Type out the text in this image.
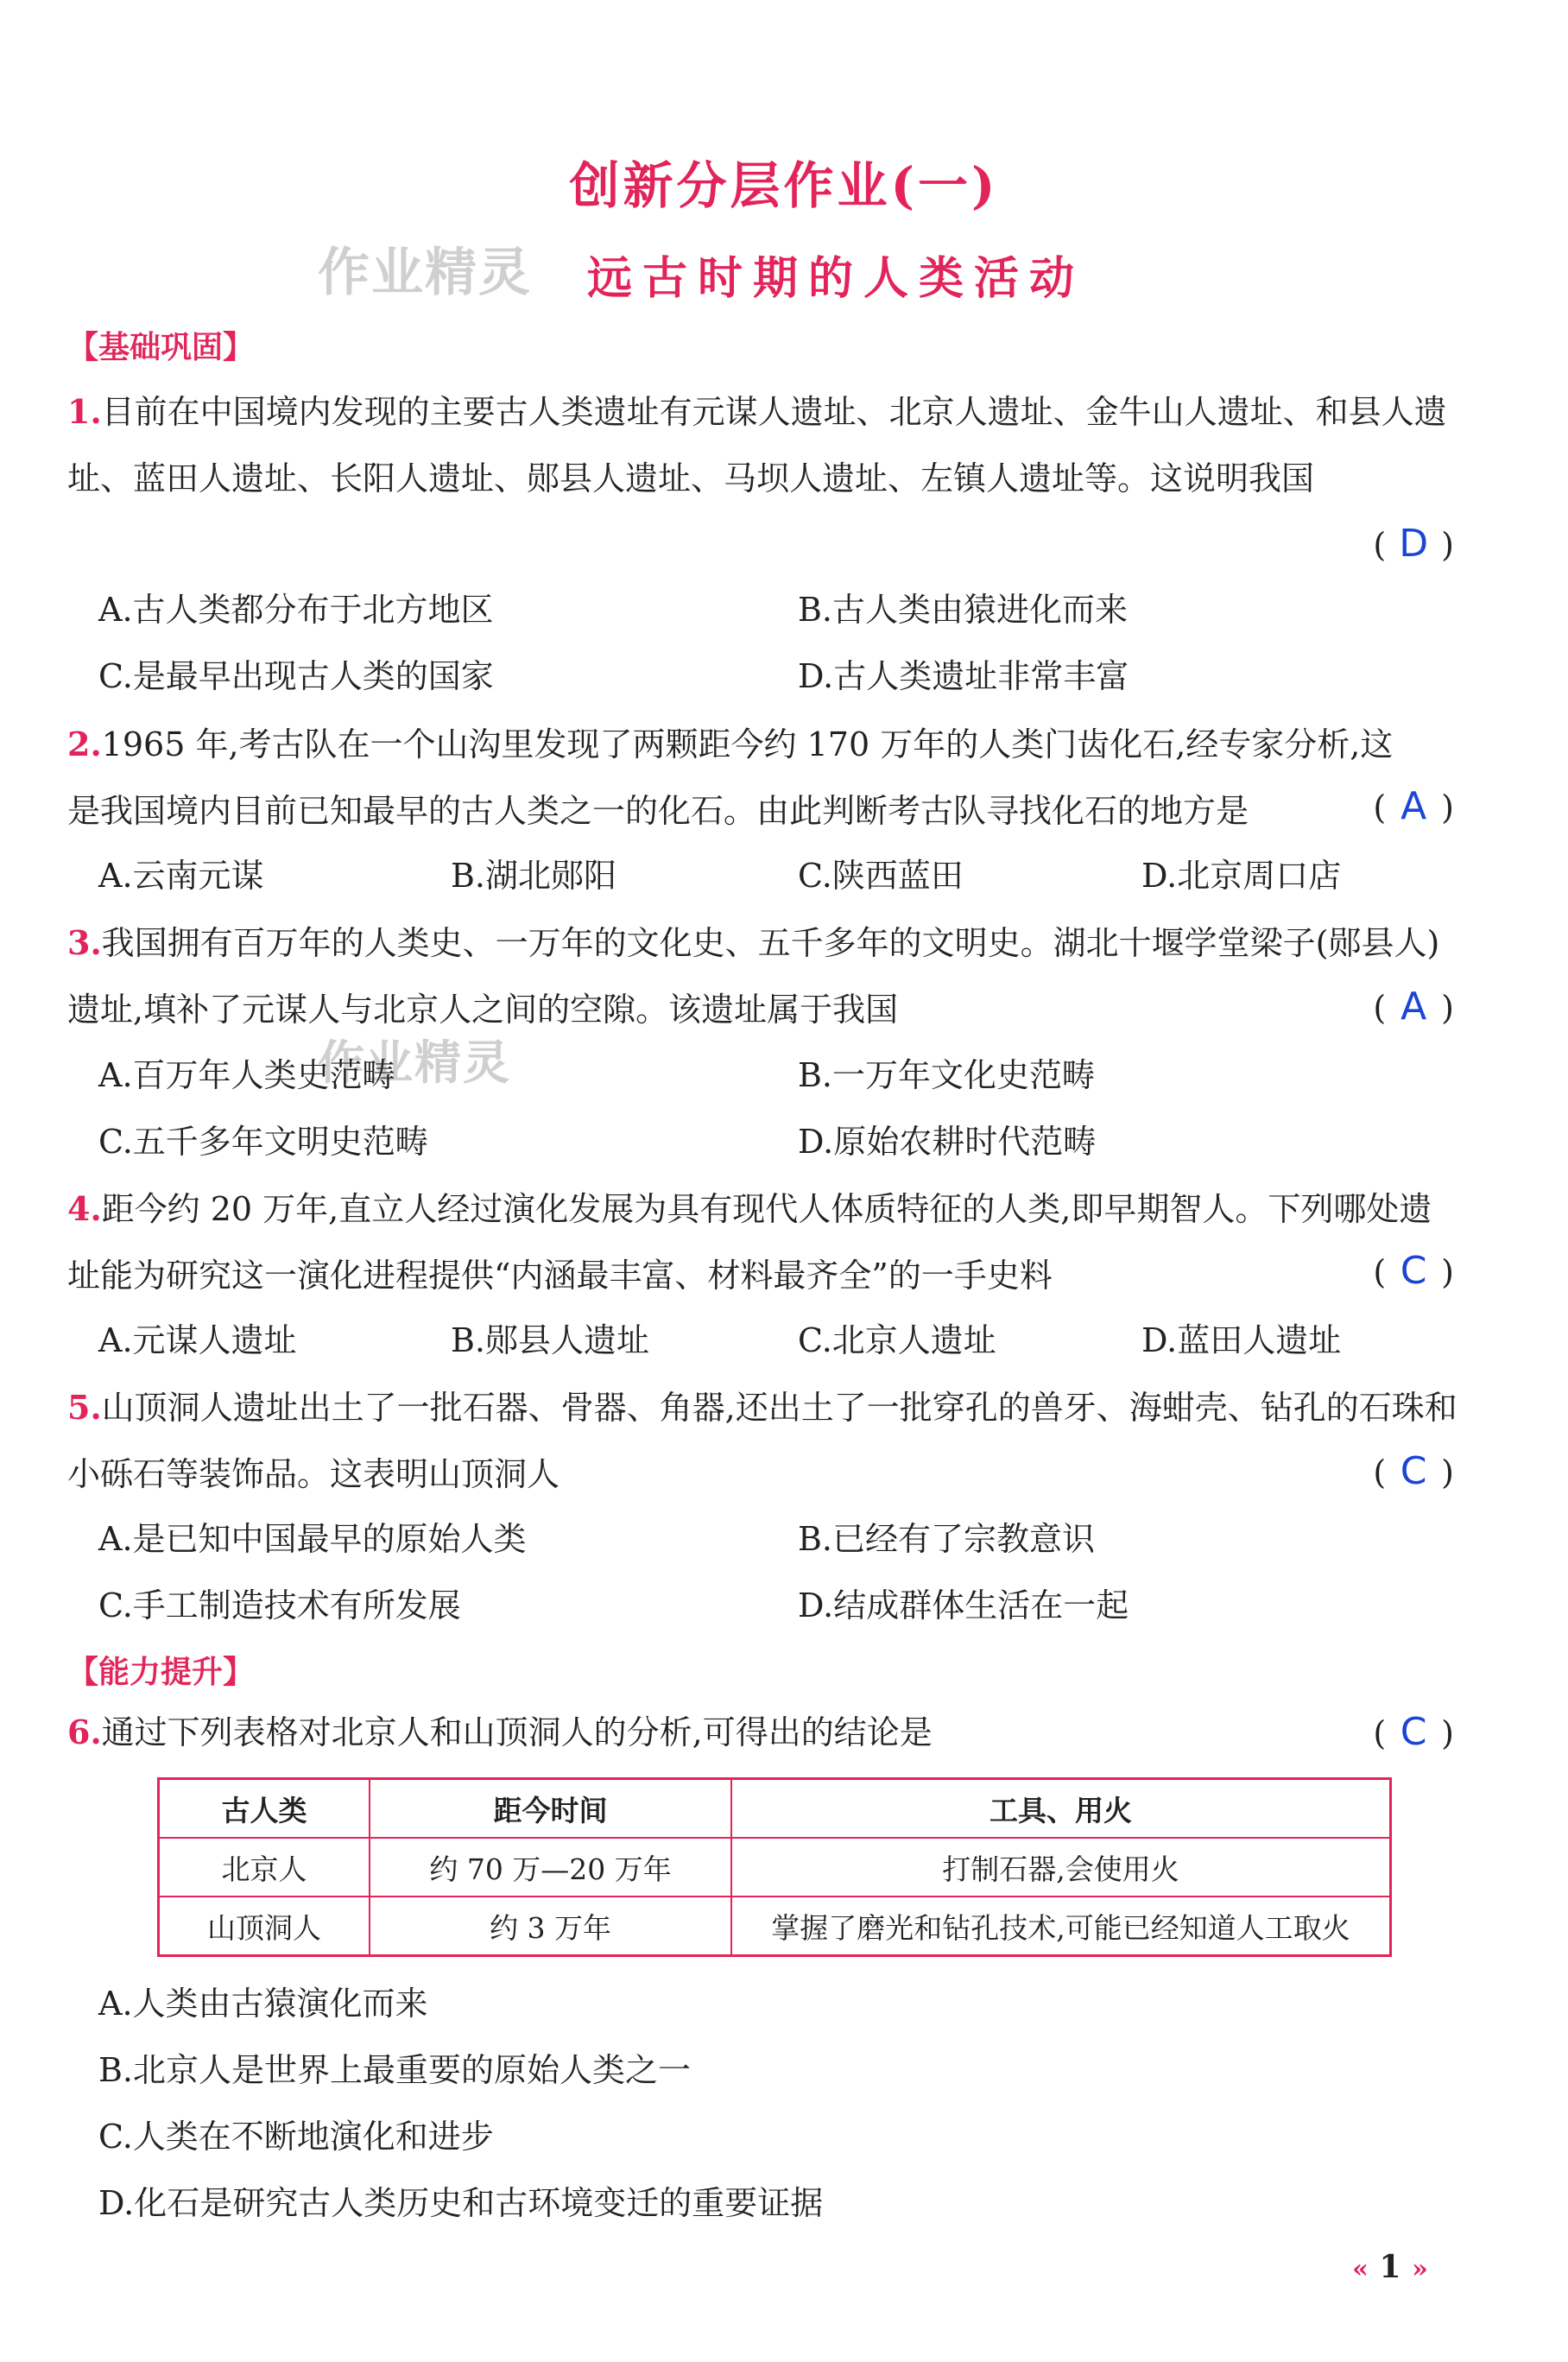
作业精灵
作业精灵
创新分层作业(一)
远古时期的人类活动
【基础巩固】
1.目前在中国境内发现的主要古人类遗址有元谋人遗址、北京人遗址、金牛山人遗址、和县人遗址、蓝田人遗址、长阳人遗址、郧县人遗址、马坝人遗址、左镇人遗址等。这说明我国
( D )
A.古人类都分布于北方地区	B.古人类由猿进化而来
C.是最早出现古人类的国家	D.古人类遗址非常丰富
2.1965 年,考古队在一个山沟里发现了两颗距今约 170 万年的人类门齿化石,经专家分析,这是我国境内目前已知最早的古人类之一的化石。由此判断考古队寻找化石的地方是	( A )
A.云南元谋	B.湖北郧阳	C.陕西蓝田	D.北京周口店
3.我国拥有百万年的人类史、一万年的文化史、五千多年的文明史。湖北十堰学堂梁子(郧县人)遗址,填补了元谋人与北京人之间的空隙。该遗址属于我国	( A )
A.百万年人类史范畴	B.一万年文化史范畴
C.五千多年文明史范畴	D.原始农耕时代范畴
4.距今约 20 万年,直立人经过演化发展为具有现代人体质特征的人类,即早期智人。下列哪处遗址能为研究这一演化进程提供“内涵最丰富、材料最齐全”的一手史料	( C )
A.元谋人遗址	B.郧县人遗址	C.北京人遗址	D.蓝田人遗址
5.山顶洞人遗址出土了一批石器、骨器、角器,还出土了一批穿孔的兽牙、海蚶壳、钻孔的石珠和小砾石等装饰品。这表明山顶洞人	( C )
A.是已知中国最早的原始人类	B.已经有了宗教意识
C.手工制造技术有所发展	D.结成群体生活在一起
【能力提升】
6.通过下列表格对北京人和山顶洞人的分析,可得出的结论是	( C )
古人类	距今时间	工具、用火
北京人	约 70 万—20 万年	打制石器,会使用火
山顶洞人	约 3 万年	掌握了磨光和钻孔技术,可能已经知道人工取火
A.人类由古猿演化而来
B.北京人是世界上最重要的原始人类之一
C.人类在不断地演化和进步
D.化石是研究古人类历史和古环境变迁的重要证据
« 1 »
